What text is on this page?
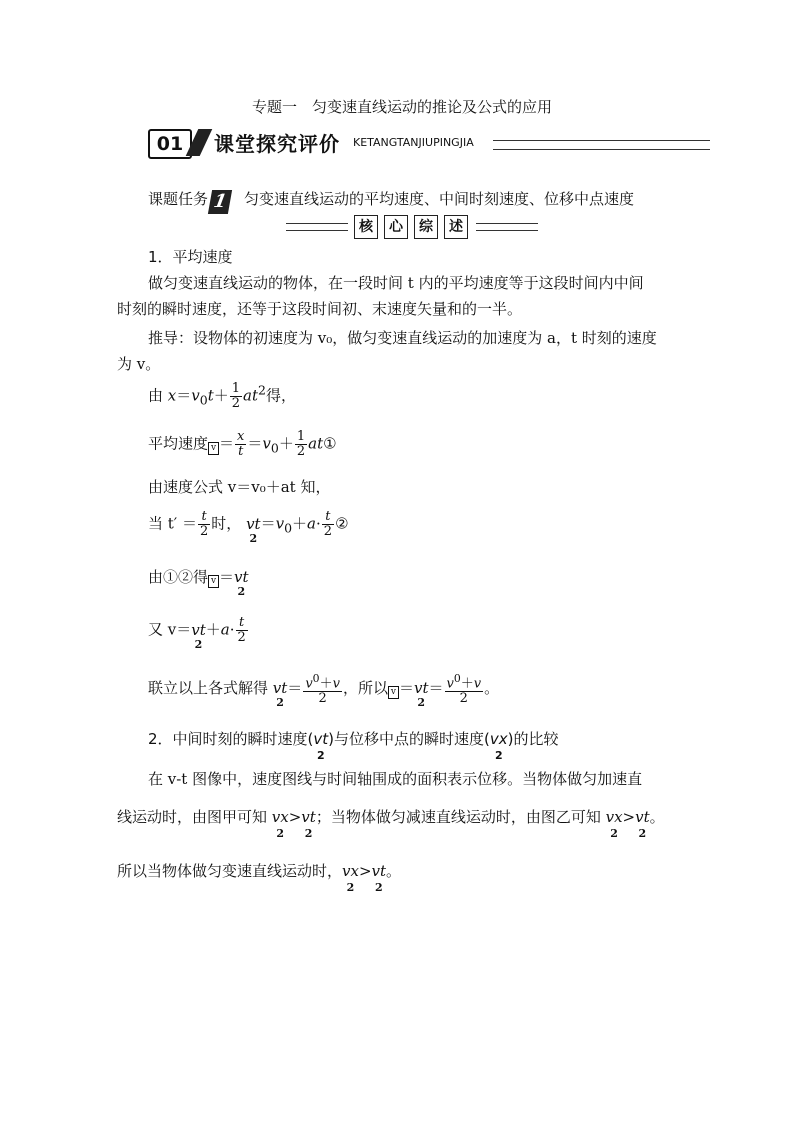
专题一　匀变速直线运动的推论及公式的应用
01	课堂探究评价 KETANGTANJIUPINGJIA
课题任务 1 匀变速直线运动的平均速度、中间时刻速度、位移中点速度
核	心	综	述
1．平均速度
做匀变速直线运动的物体，在一段时间 t 内的平均速度等于这段时间内中间
时刻的瞬时速度，还等于这段时间初、末速度矢量和的一半。
推导：设物体的初速度为 v₀，做匀变速直线运动的加速度为 a，t 时刻的速度
为 v。
由 $x=v_0t+ \frac{1}{2} at^2$得，
平均速度 $v = \frac{x}{t} =v_0+ \frac{1}{2}$ at①
由速度公式 v＝v₀＋at 知，
当 $t' = \frac{t}{2}$ 时， vt
2
$=v_0+a\cdot \frac{t}{2}$ ②
由①②得 v ＝vt
2
又 v＝vt
2
$+a\cdot \frac{t}{2}$
联立以上各式解得 vt
2
＝ $\frac{v^0+v}{2}$ ，所以 v ＝vt
2
＝ $\frac{v^0+v}{2}$ 。
2．中间时刻的瞬时速度(vt
2
)与位移中点的瞬时速度(vx
2
)的比较
在 v-t 图像中，速度图线与时间轴围成的面积表示位移。当物体做匀加速直
线运动时，由图甲可知 vx
2
>vt
2
；当物体做匀减速直线运动时，由图乙可知 vx
2
>vt
2
。
所以当物体做匀变速直线运动时，vx
2
>vt
2
。
